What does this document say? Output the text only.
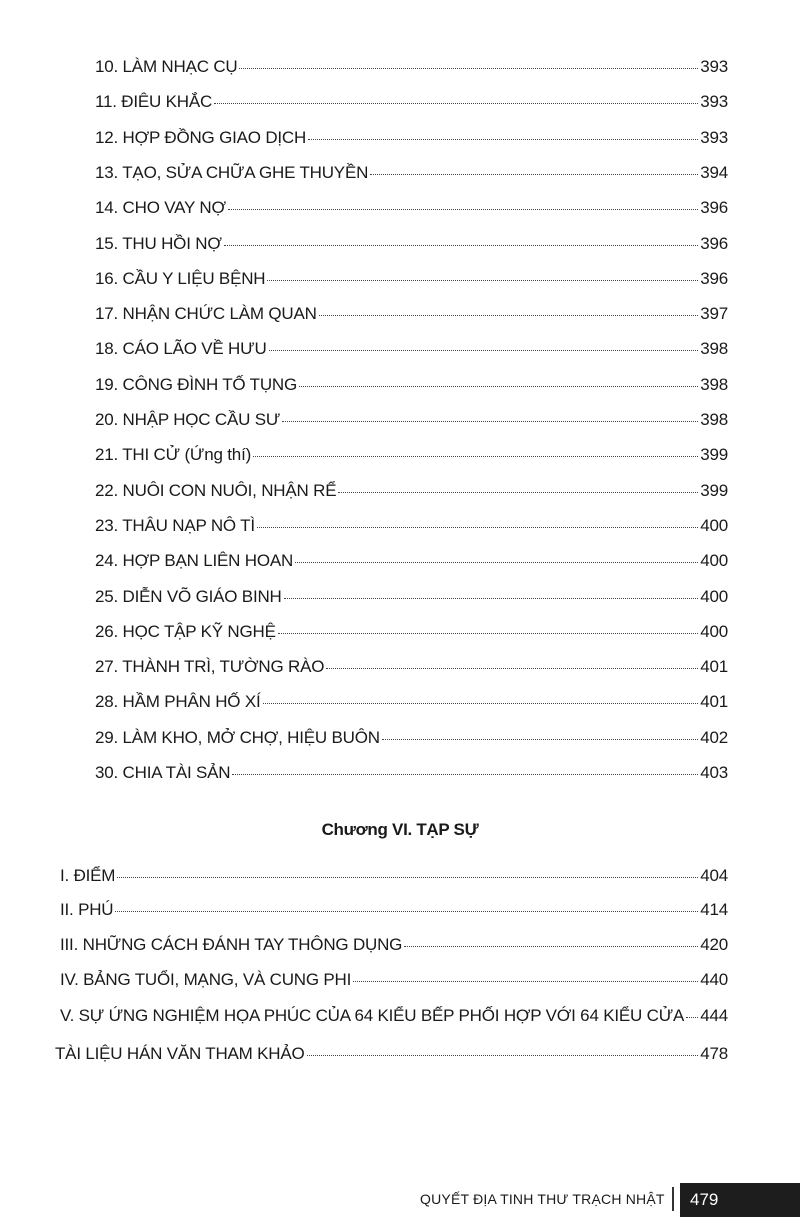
10. LÀM NHẠC CỤ	393
11. ĐIÊU KHẮC	393
12. HỢP ĐỒNG GIAO DỊCH	393
13. TẠO, SỬA CHỮA GHE THUYỀN	394
14. CHO VAY NỢ	396
15. THU HỒI NỢ	396
16. CẦU Y LIỆU BỆNH	396
17. NHẬN CHỨC LÀM QUAN	397
18. CÁO LÃO VỀ HƯU	398
19. CÔNG ĐÌNH TỐ TỤNG	398
20. NHẬP HỌC CẦU SƯ	398
21. THI CỬ (Ứng thí)	399
22. NUÔI CON NUÔI, NHẬN RỂ	399
23. THÂU NẠP NÔ TÌ	400
24. HỢP BẠN LIÊN HOAN	400
25. DIỄN VÕ GIÁO BINH	400
26. HỌC TẬP KỸ NGHỆ	400
27. THÀNH TRÌ, TƯỜNG RÀO	401
28. HẦM PHÂN HỐ XÍ	401
29. LÀM KHO, MỞ CHỢ, HIỆU BUÔN	402
30. CHIA TÀI SẢN	403
I. ĐIỂM	404
II. PHÚ	414
III. NHỮNG CÁCH ĐÁNH TAY THÔNG DỤNG	420
IV. BẢNG TUỔI, MẠNG, VÀ CUNG PHI	440
V. SỰ ỨNG NGHIỆM HỌA PHÚC CỦA 64 KIỂU BẾP PHỐI HỢP VỚI 64 KIỂU CỬA 444
TÀI LIỆU HÁN VĂN THAM KHẢO	478
Chương VI. TẠP SỰ
QUYẾT ĐỊA TINH THƯ TRẠCH NHẬT	479
